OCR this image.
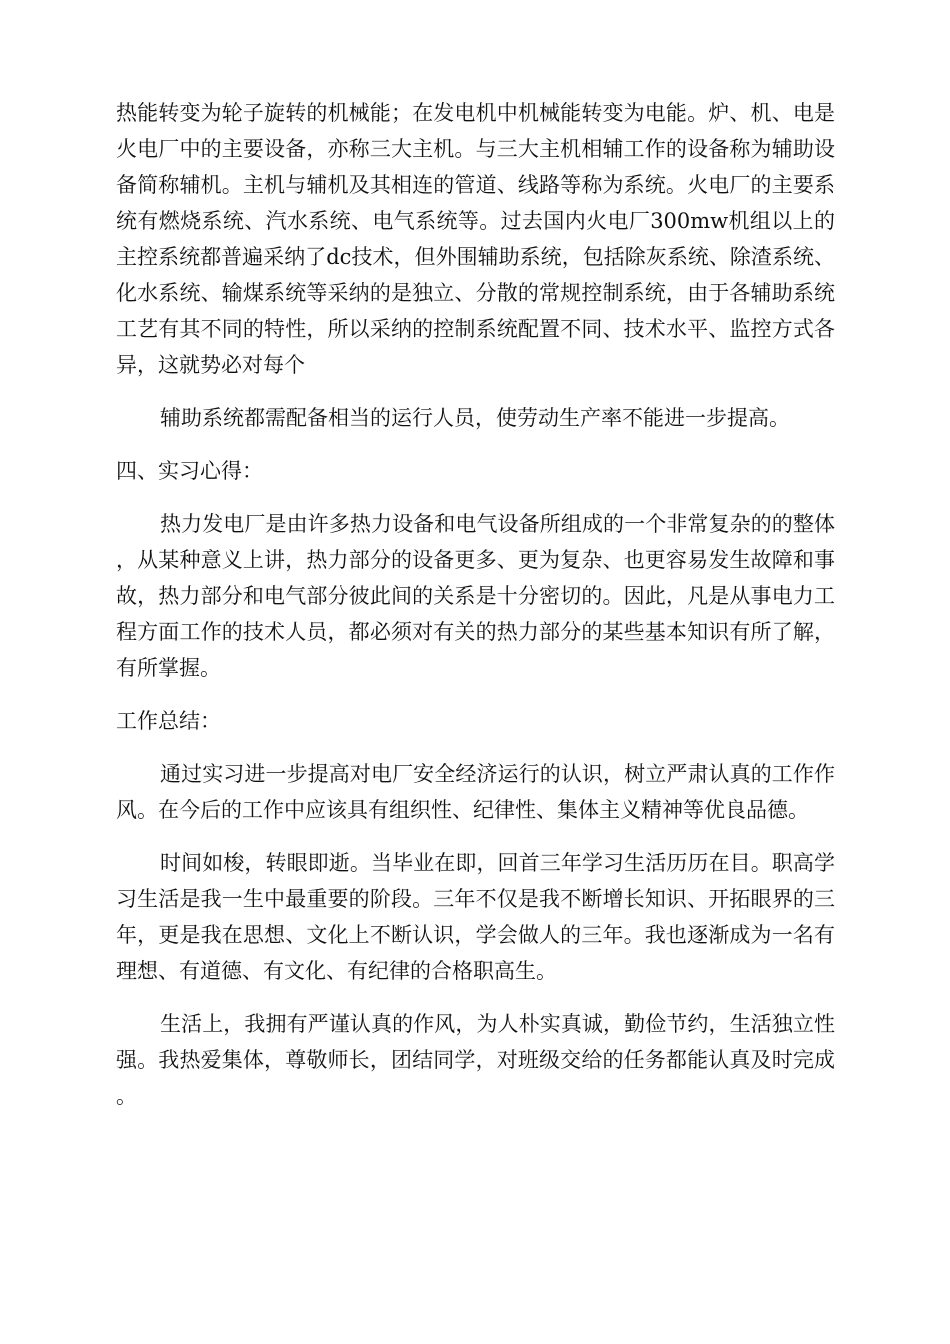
热能转变为轮子旋转的机械能；在发电机中机械能转变为电能。炉、机、电是火电厂中的主要设备，亦称三大主机。与三大主机相辅工作的设备称为辅助设备简称辅机。主机与辅机及其相连的管道、线路等称为系统。火电厂的主要系统有燃烧系统、汽水系统、电气系统等。过去国内火电厂300mw机组以上的主控系统都普遍采纳了dc技术，但外围辅助系统，包括除灰系统、除渣系统、化水系统、输煤系统等采纳的是独立、分散的常规控制系统，由于各辅助系统工艺有其不同的特性，所以采纳的控制系统配置不同、技术水平、监控方式各异，这就势必对每个

辅助系统都需配备相当的运行人员，使劳动生产率不能进一步提高。

四、实习心得：

热力发电厂是由许多热力设备和电气设备所组成的一个非常复杂的的整体，从某种意义上讲，热力部分的设备更多、更为复杂、也更容易发生故障和事故，热力部分和电气部分彼此间的关系是十分密切的。因此，凡是从事电力工程方面工作的技术人员，都必须对有关的热力部分的某些基本知识有所了解，有所掌握。

工作总结：

通过实习进一步提高对电厂安全经济运行的认识，树立严肃认真的工作作风。在今后的工作中应该具有组织性、纪律性、集体主义精神等优良品德。

时间如梭，转眼即逝。当毕业在即，回首三年学习生活历历在目。职高学习生活是我一生中最重要的阶段。三年不仅是我不断增长知识、开拓眼界的三年，更是我在思想、文化上不断认识，学会做人的三年。我也逐渐成为一名有理想、有道德、有文化、有纪律的合格职高生。

生活上，我拥有严谨认真的作风，为人朴实真诚，勤俭节约，生活独立性强。我热爱集体，尊敬师长，团结同学，对班级交给的任务都能认真及时完成。
